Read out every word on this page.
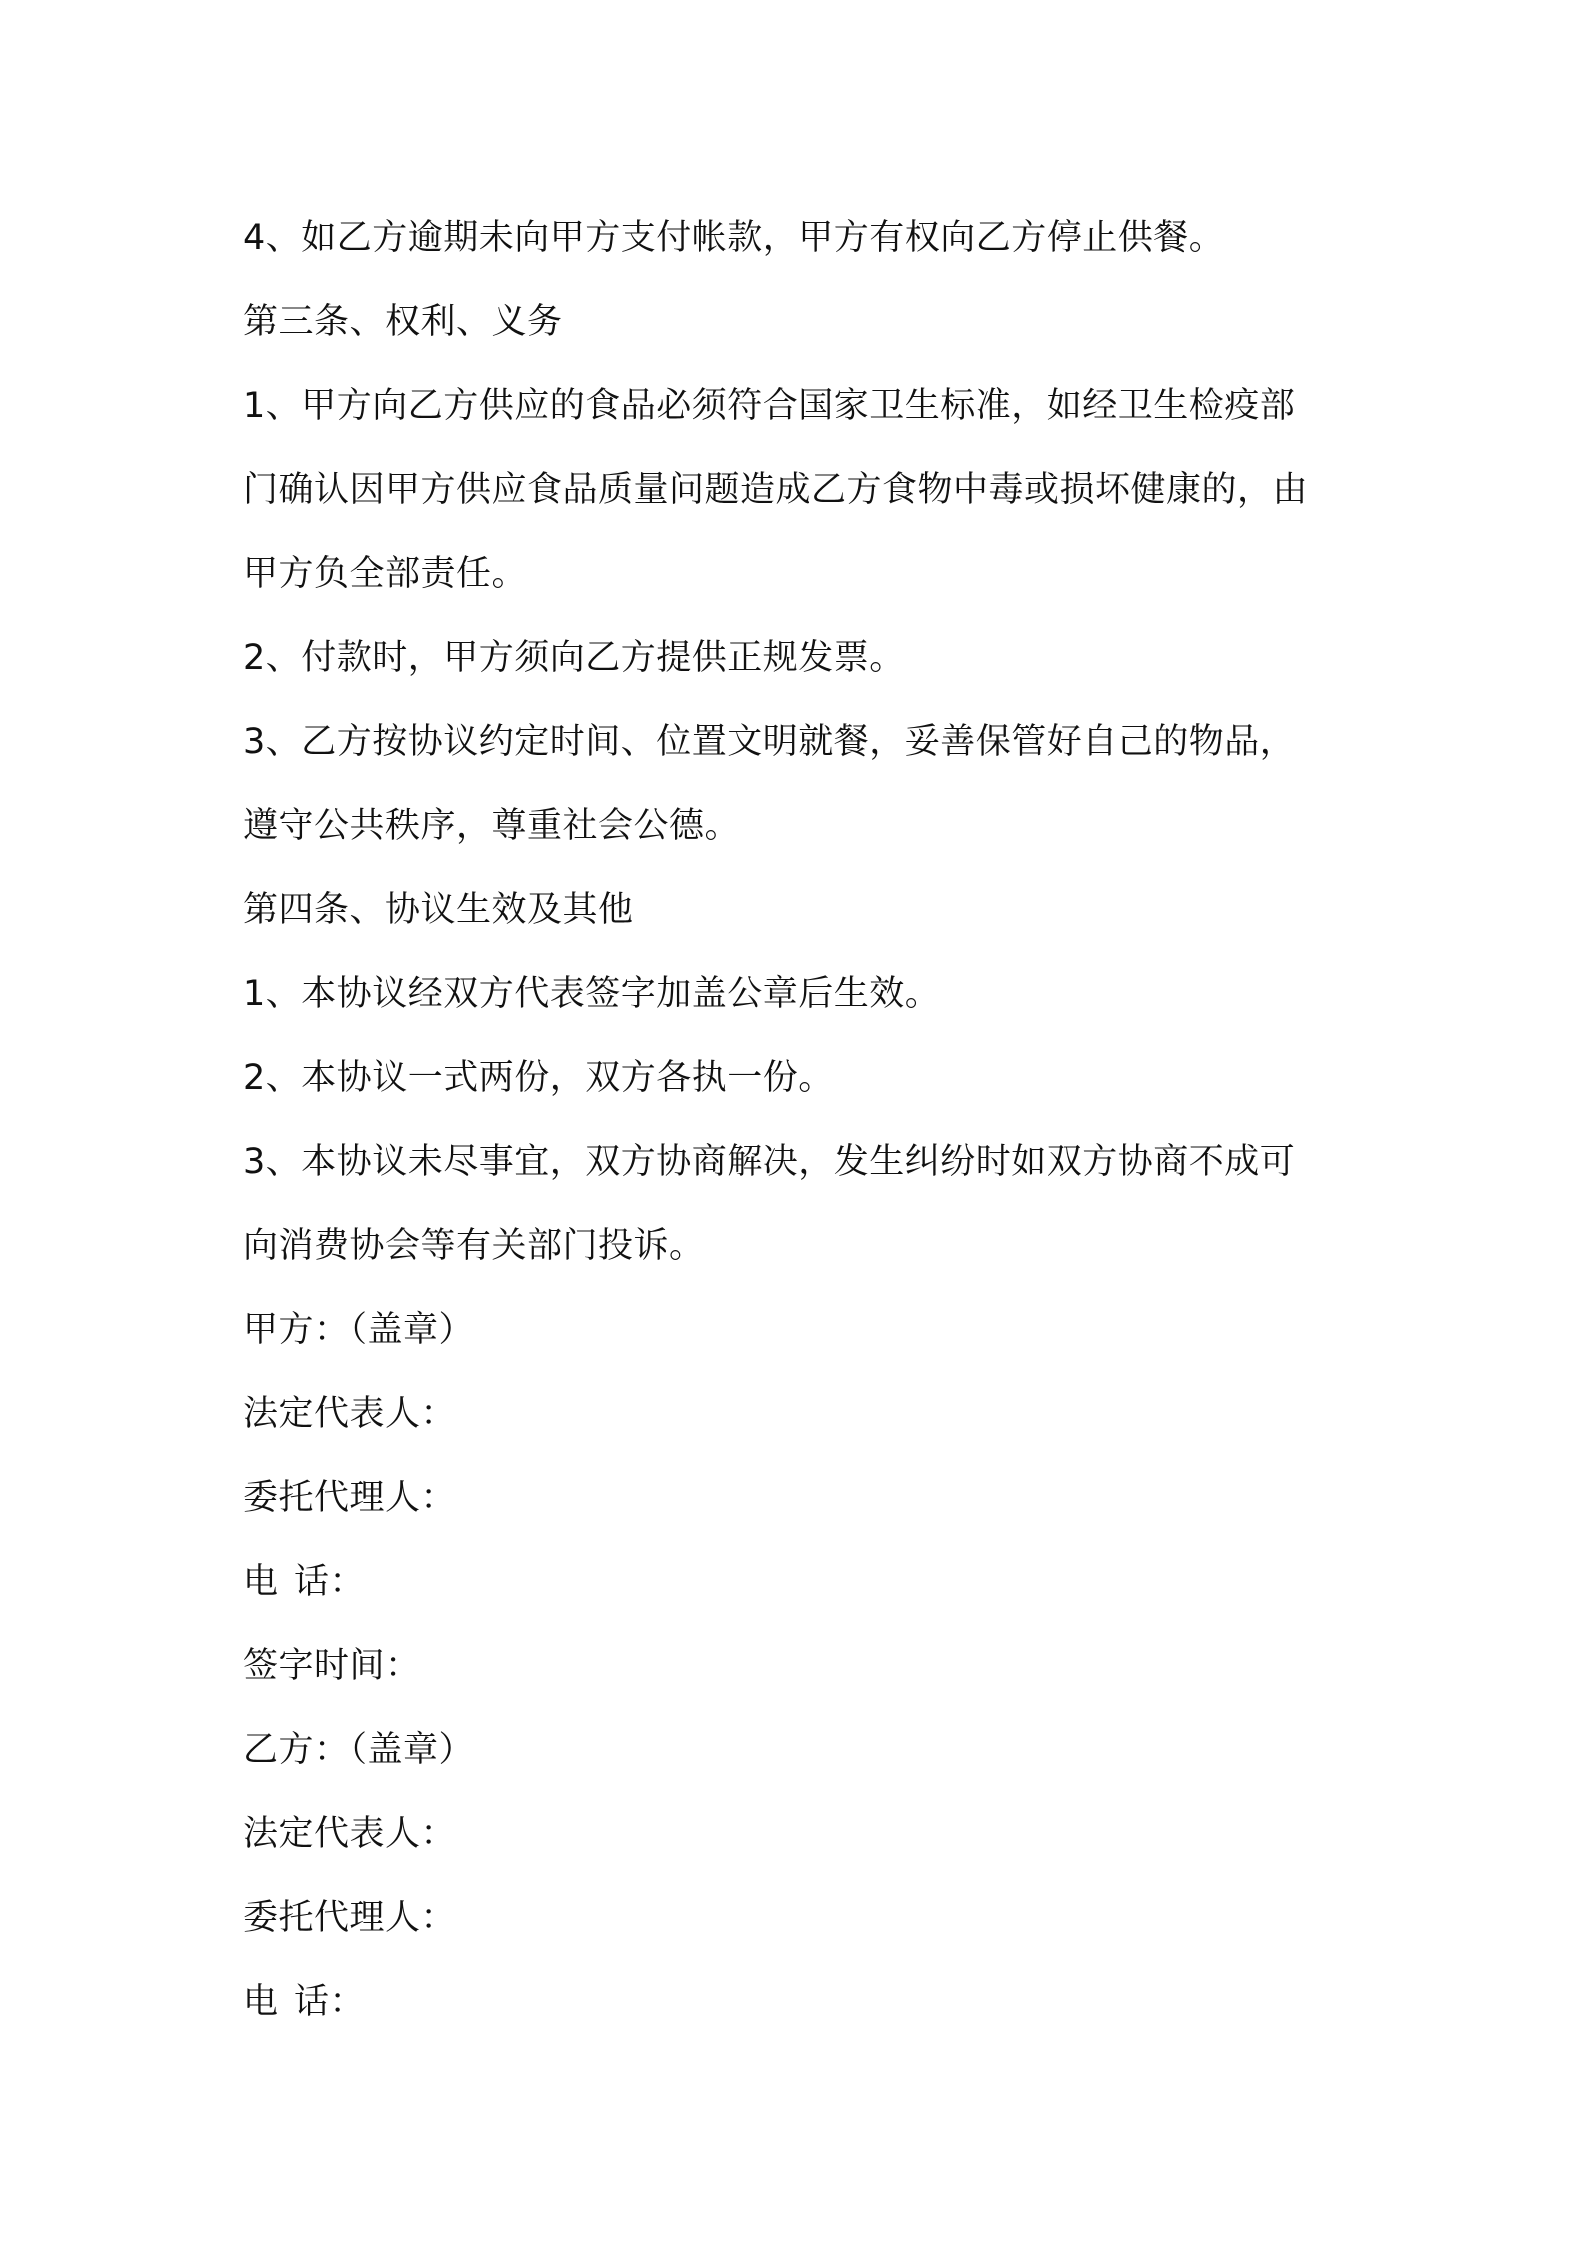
4、如乙方逾期未向甲方支付帐款，甲方有权向乙方停止供餐。
第三条、权利、义务
1、甲方向乙方供应的食品必须符合国家卫生标准，如经卫生检疫部
门确认因甲方供应食品质量问题造成乙方食物中毒或损坏健康的，由
甲方负全部责任。
2、付款时，甲方须向乙方提供正规发票。
3、乙方按协议约定时间、位置文明就餐，妥善保管好自己的物品，
遵守公共秩序，尊重社会公德。
第四条、协议生效及其他
1、本协议经双方代表签字加盖公章后生效。
2、本协议一式两份，双方各执一份。
3、本协议未尽事宜，双方协商解决，发生纠纷时如双方协商不成可
向消费协会等有关部门投诉。
甲方：（盖章）
法定代表人：
委托代理人：
电 话：
签字时间：
乙方：（盖章）
法定代表人：
委托代理人：
电 话：
